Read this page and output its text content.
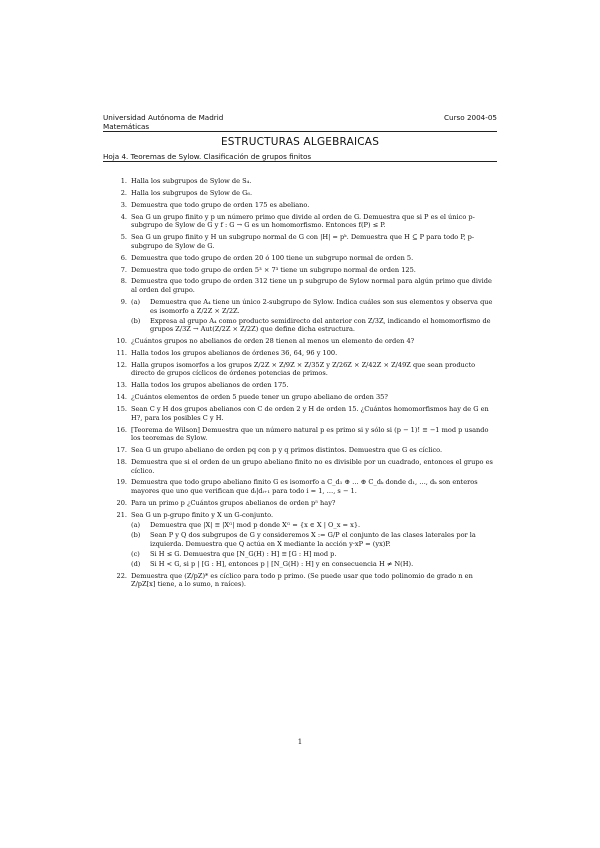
Universidad Autónoma de Madrid	Curso 2004-05
Matemáticas
ESTRUCTURAS ALGEBRAICAS
Hoja 4. Teoremas de Sylow. Clasificación de grupos finitos
1. Halla los subgrupos de Sylow de S₄.
2. Halla los subgrupos de Sylow de G₆.
3. Demuestra que todo grupo de orden 175 es abeliano.
4. Sea G un grupo finito y p un número primo que divide al orden de G. Demuestra que si P es el único p-subgrupo de Sylow de G y f : G → G es un homomorfismo. Entonces f(P) ≤ P.
5. Sea G un grupo finito y H un subgrupo normal de G con |H| = pᵏ. Demuestra que H ⊆ P para todo P, p-subgrupo de Sylow de G.
6. Demuestra que todo grupo de orden 20 ó 100 tiene un subgrupo normal de orden 5.
7. Demuestra que todo grupo de orden 5³ × 7³ tiene un subgrupo normal de orden 125.
8. Demuestra que todo grupo de orden 312 tiene un p subgrupo de Sylow normal para algún primo que divide al orden del grupo.
9. (a) Demuestra que A₄ tiene un único 2-subgrupo de Sylow. Indica cuáles son sus elementos y observa que es isomorfo a Z/2Z × Z/2Z.
(b) Expresa al grupo A₄ como producto semidirecto del anterior con Z/3Z, indicando el homomorfismo de grupos Z/3Z → Aut(Z/2Z × Z/2Z) que define dicha estructura.
10. ¿Cuántos grupos no abelianos de orden 28 tienen al menos un elemento de orden 4?
11. Halla todos los grupos abelianos de órdenes 36, 64, 96 y 100.
12. Halla grupos isomorfos a los grupos Z/2Z × Z/9Z × Z/35Z y Z/26Z × Z/42Z × Z/49Z que sean producto directo de grupos cíclicos de órdenes potencias de primos.
13. Halla todos los grupos abelianos de orden 175.
14. ¿Cuántos elementos de orden 5 puede tener un grupo abeliano de orden 35?
15. Sean C y H dos grupos abelianos con C de orden 2 y H de orden 15. ¿Cuántos homomorfismos hay de G en H?, para los posibles C y H.
16. [Teorema de Wilson] Demuestra que un número natural p es primo si y sólo si (p − 1)! ≡ −1 mod p usando los teoremas de Sylow.
17. Sea G un grupo abeliano de orden pq con p y q primos distintos. Demuestra que G es cíclico.
18. Demuestra que si el orden de un grupo abeliano finito no es divisible por un cuadrado, entonces el grupo es cíclico.
19. Demuestra que todo grupo abeliano finito G es isomorfo a C_d₁ ⊕ … ⊕ C_dₖ donde d₁, …, dₖ son enteros mayores que uno que verifican que dᵢ|dᵢ₊₁ para todo i = 1, …, s − 1.
20. Para un primo p ¿Cuántos grupos abelianos de orden p⁵ hay?
21. Sea G un p-grupo finito y X un G-conjunto.
(a) Demuestra que |X| ≡ |Xᴳ| mod p donde Xᴳ = {x ∈ X | O_x = x}.
(b) Sean P y Q dos subgrupos de G y consideremos X := G/P el conjunto de las clases laterales por la izquierda. Demuestra que Q actúa en X mediante la acción y·xP = (yx)P.
(c) Si H ≤ G. Demuestra que [N_G(H) : H] ≡ [G : H] mod p.
(d) Si H < G, si p | [G : H], entonces p | [N_G(H) : H] y en consecuencia H ≠ N(H).
22. Demuestra que (Z/pZ)* es cíclico para todo p primo. (Se puede usar que todo polinomio de grado n en Z/pZ[x] tiene, a lo sumo, n raíces).
1
